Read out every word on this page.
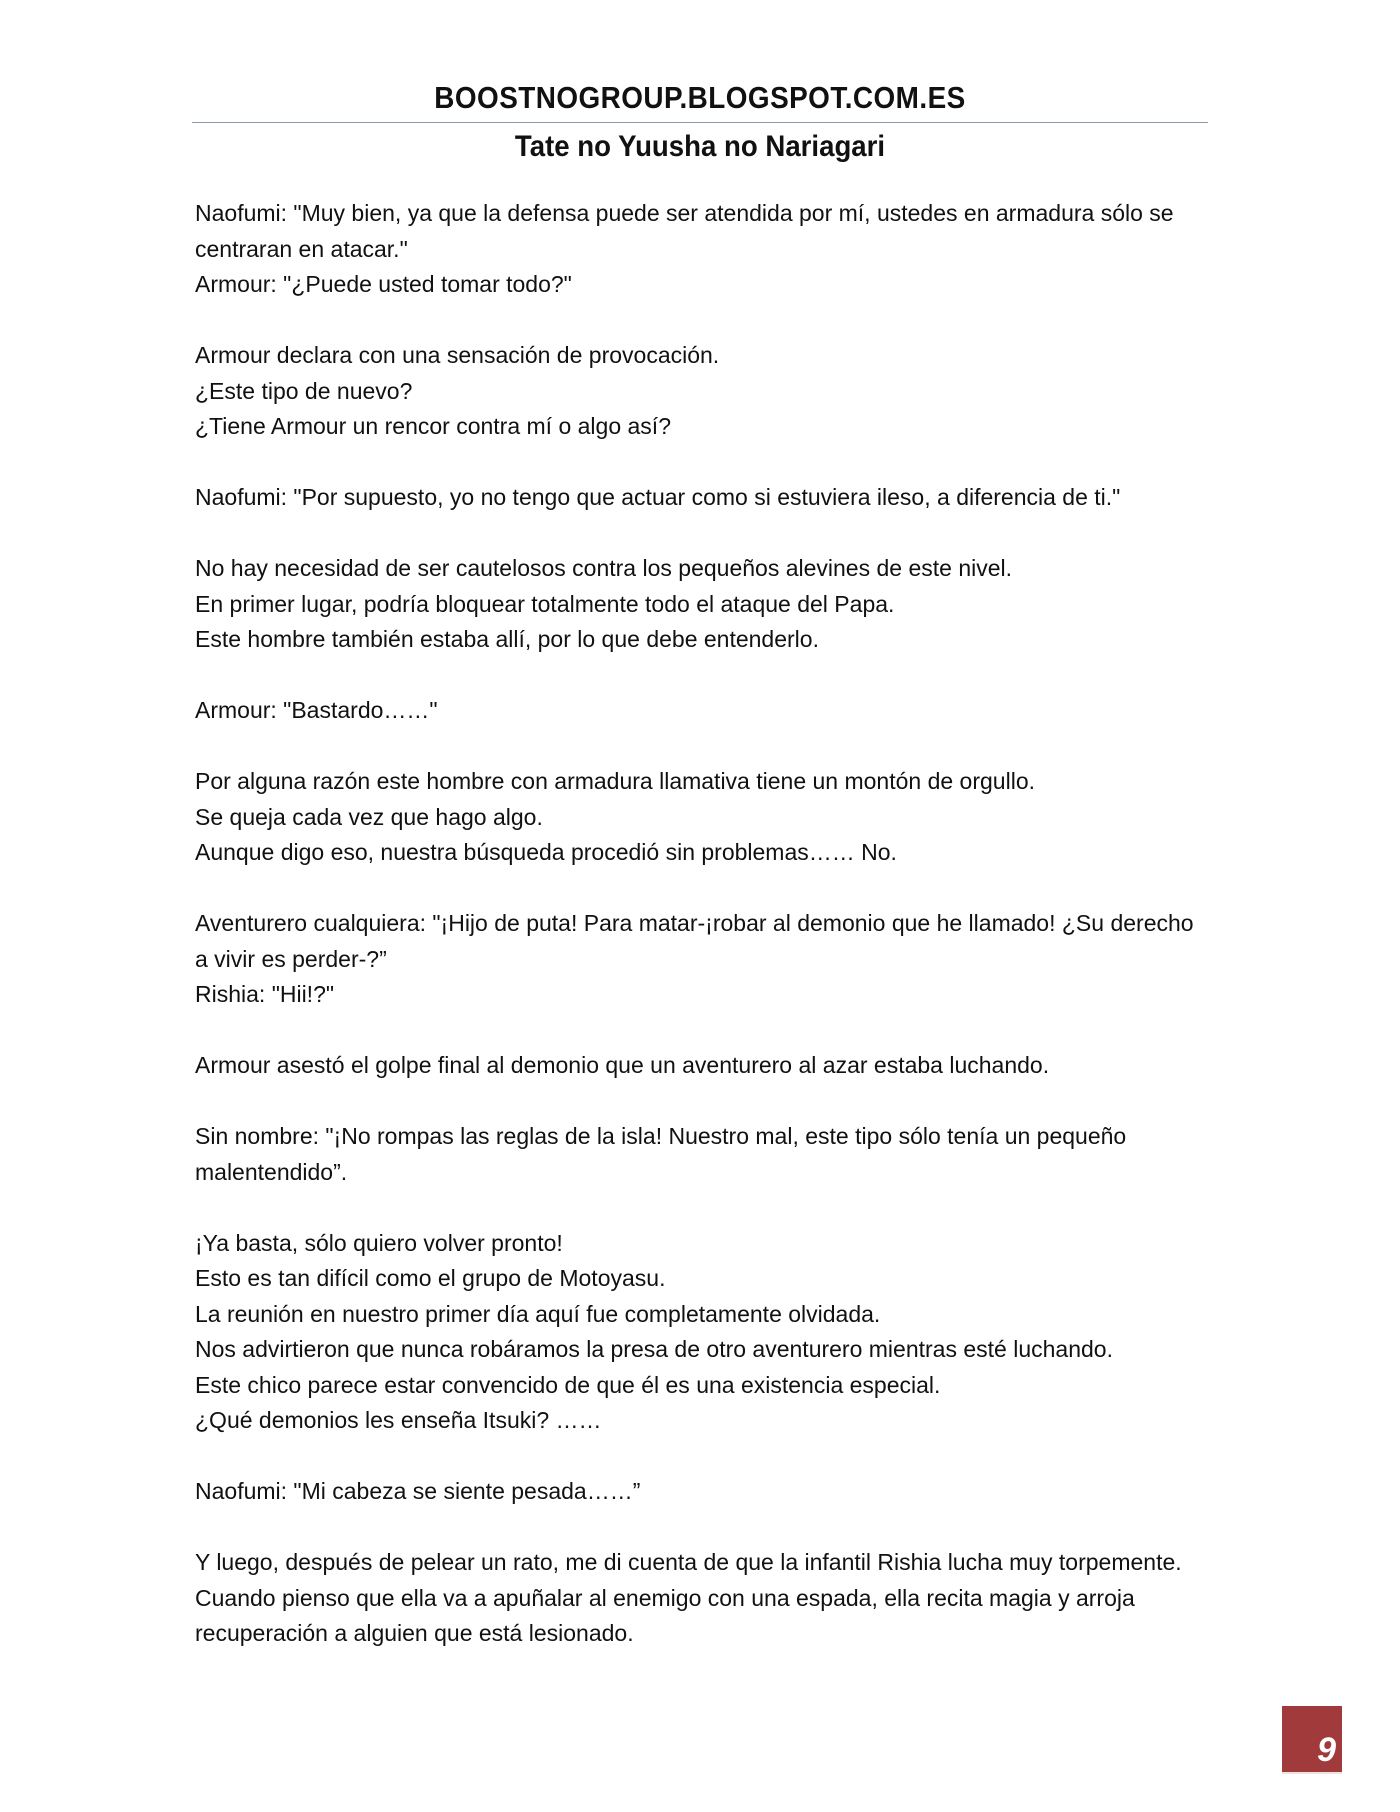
BOOSTNOGROUP.BLOGSPOT.COM.ES
Tate no Yuusha no Nariagari
Naofumi: "Muy bien, ya que la defensa puede ser atendida por mí, ustedes en armadura sólo se
centraran en atacar."
Armour: "¿Puede usted tomar todo?"
Armour declara con una sensación de provocación.
¿Este tipo de nuevo?
¿Tiene Armour un rencor contra mí o algo así?
Naofumi: "Por supuesto, yo no tengo que actuar como si estuviera ileso, a diferencia de ti."
No hay necesidad de ser cautelosos contra los pequeños alevines de este nivel.
En primer lugar, podría bloquear totalmente todo el ataque del Papa.
Este hombre también estaba allí, por lo que debe entenderlo.
Armour: "Bastardo……"
Por alguna razón este hombre con armadura llamativa tiene un montón de orgullo.
Se queja cada vez que hago algo.
Aunque digo eso, nuestra búsqueda procedió sin problemas…… No.
Aventurero cualquiera: "¡Hijo de puta! Para matar-¡robar al demonio que he llamado! ¿Su derecho
a vivir es perder-?”
Rishia: "Hii!?"
Armour asestó el golpe final al demonio que un aventurero al azar estaba luchando.
Sin nombre: "¡No rompas las reglas de la isla! Nuestro mal, este tipo sólo tenía un pequeño
malentendido”.
¡Ya basta, sólo quiero volver pronto!
Esto es tan difícil como el grupo de Motoyasu.
La reunión en nuestro primer día aquí fue completamente olvidada.
Nos advirtieron que nunca robáramos la presa de otro aventurero mientras esté luchando.
Este chico parece estar convencido de que él es una existencia especial.
¿Qué demonios les enseña Itsuki? ……
Naofumi: "Mi cabeza se siente pesada……”
Y luego, después de pelear un rato, me di cuenta de que la infantil Rishia lucha muy torpemente.
Cuando pienso que ella va a apuñalar al enemigo con una espada, ella recita magia y arroja
recuperación a alguien que está lesionado.
9
